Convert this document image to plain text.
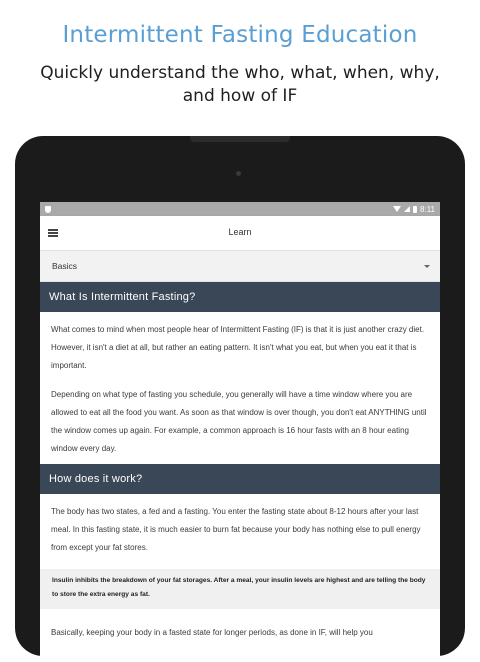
Intermittent Fasting Education
Quickly understand the who, what, when, why, and how of IF
8:11
Learn
Basics
What Is Intermittent Fasting?

What comes to mind when most people hear of Intermittent Fasting (IF) is that it is just another crazy diet. However, it isn't a diet at all, but rather an eating pattern. It isn't what you eat, but when you eat it that is important.

Depending on what type of fasting you schedule, you generally will have a time window where you are allowed to eat all the food you want. As soon as that window is over though, you don't eat ANYTHING until the window comes up again. For example, a common approach is 16 hour fasts with an 8 hour eating window every day.

How does it work?

The body has two states, a fed and a fasting. You enter the fasting state about 8-12 hours after your last meal. In this fasting state, it is much easier to burn fat because your body has nothing else to pull energy from except your fat stores.

Insulin inhibits the breakdown of your fat storages. After a meal, your insulin levels are highest and are telling the body to store the extra energy as fat.

Basically, keeping your body in a fasted state for longer periods, as done in IF, will help you
